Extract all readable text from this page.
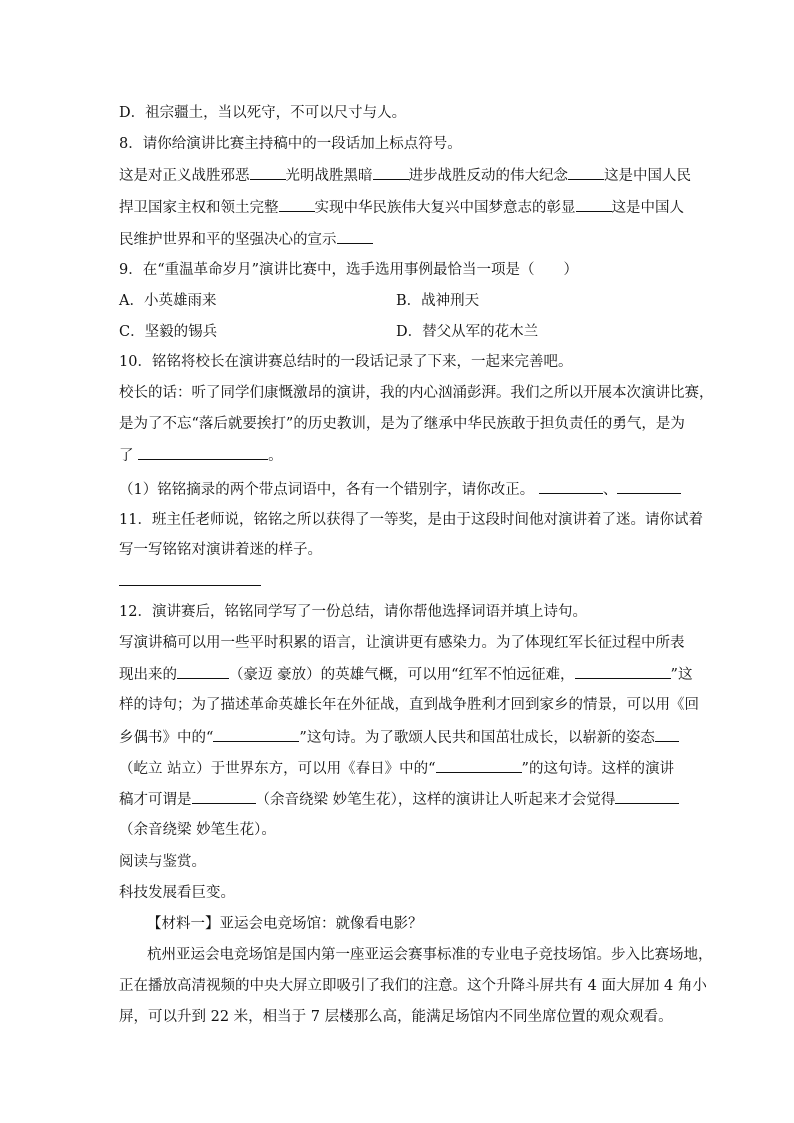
D．祖宗疆土，当以死守，不可以尺寸与人。
8．请你给演讲比赛主持稿中的一段话加上标点符号。
这是对正义战胜邪恶 光明战胜黑暗 进步战胜反动的伟大纪念 这是中国人民
捍卫国家主权和领土完整 实现中华民族伟大复兴中国梦意志的彰显 这是中国人
民维护世界和平的坚强决心的宣示
9．在“重温革命岁月”演讲比赛中，选手选用事例最恰当一项是（　　）
A．小英雄雨来	B．战神刑天
C．坚毅的锡兵	D．替父从军的花木兰
10．铭铭将校长在演讲赛总结时的一段话记录了下来，一起来完善吧。
校长的话：听了同学们康慨激昂的演讲，我的内心汹涌彭湃。我们之所以开展本次演讲比赛，
是为了不忘“落后就要挨打”的历史教训，是为了继承中华民族敢于担负责任的勇气，是为
了	。
（1）铭铭摘录的两个带点词语中，各有一个错别字，请你改正。	、
11．班主任老师说，铭铭之所以获得了一等奖，是由于这段时间他对演讲着了迷。请你试着
写一写铭铭对演讲着迷的样子。
12．演讲赛后，铭铭同学写了一份总结，请你帮他选择词语并填上诗句。
写演讲稿可以用一些平时积累的语言，让演讲更有感染力。为了体现红军长征过程中所表
现出来的	（豪迈 豪放）的英雄气概，可以用“红军不怕远征难，	”这
样的诗句；为了描述革命英雄长年在外征战，直到战争胜利才回到家乡的情景，可以用《回
乡偶书》中的“	”这句诗。为了歌颂人民共和国茁壮成长，以崭新的姿态
（屹立 站立）于世界东方，可以用《春日》中的“	”的这句诗。这样的演讲
稿才可谓是	（余音绕梁 妙笔生花），这样的演讲让人听起来才会觉得
（余音绕梁 妙笔生花）。
阅读与鉴赏。
科技发展看巨变。
【材料一】亚运会电竞场馆：就像看电影？
杭州亚运会电竞场馆是国内第一座亚运会赛事标准的专业电子竞技场馆。步入比赛场地，
正在播放高清视频的中央大屏立即吸引了我们的注意。这个升降斗屏共有 4 面大屏加 4 角小
屏，可以升到 22 米，相当于 7 层楼那么高，能满足场馆内不同坐席位置的观众观看。
